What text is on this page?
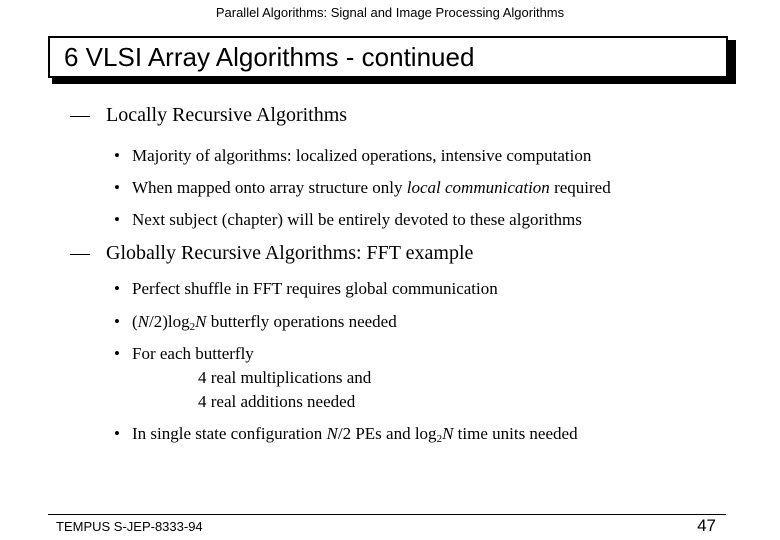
Parallel Algorithms: Signal and Image Processing Algorithms
6 VLSI Array Algorithms - continued
— Locally Recursive Algorithms
• Majority of algorithms: localized operations, intensive computation
• When mapped onto array structure only local communication required
• Next subject (chapter) will be entirely devoted to these algorithms
— Globally Recursive Algorithms: FFT example
• Perfect shuffle in FFT requires global communication
• $(N/2)\log_2N$ butterfly operations needed
• For each butterfly
4 real multiplications and
4 real additions needed
• In single state configuration N/2 PEs and $\log_2N$ time units needed
TEMPUS S-JEP-8333-94	47
